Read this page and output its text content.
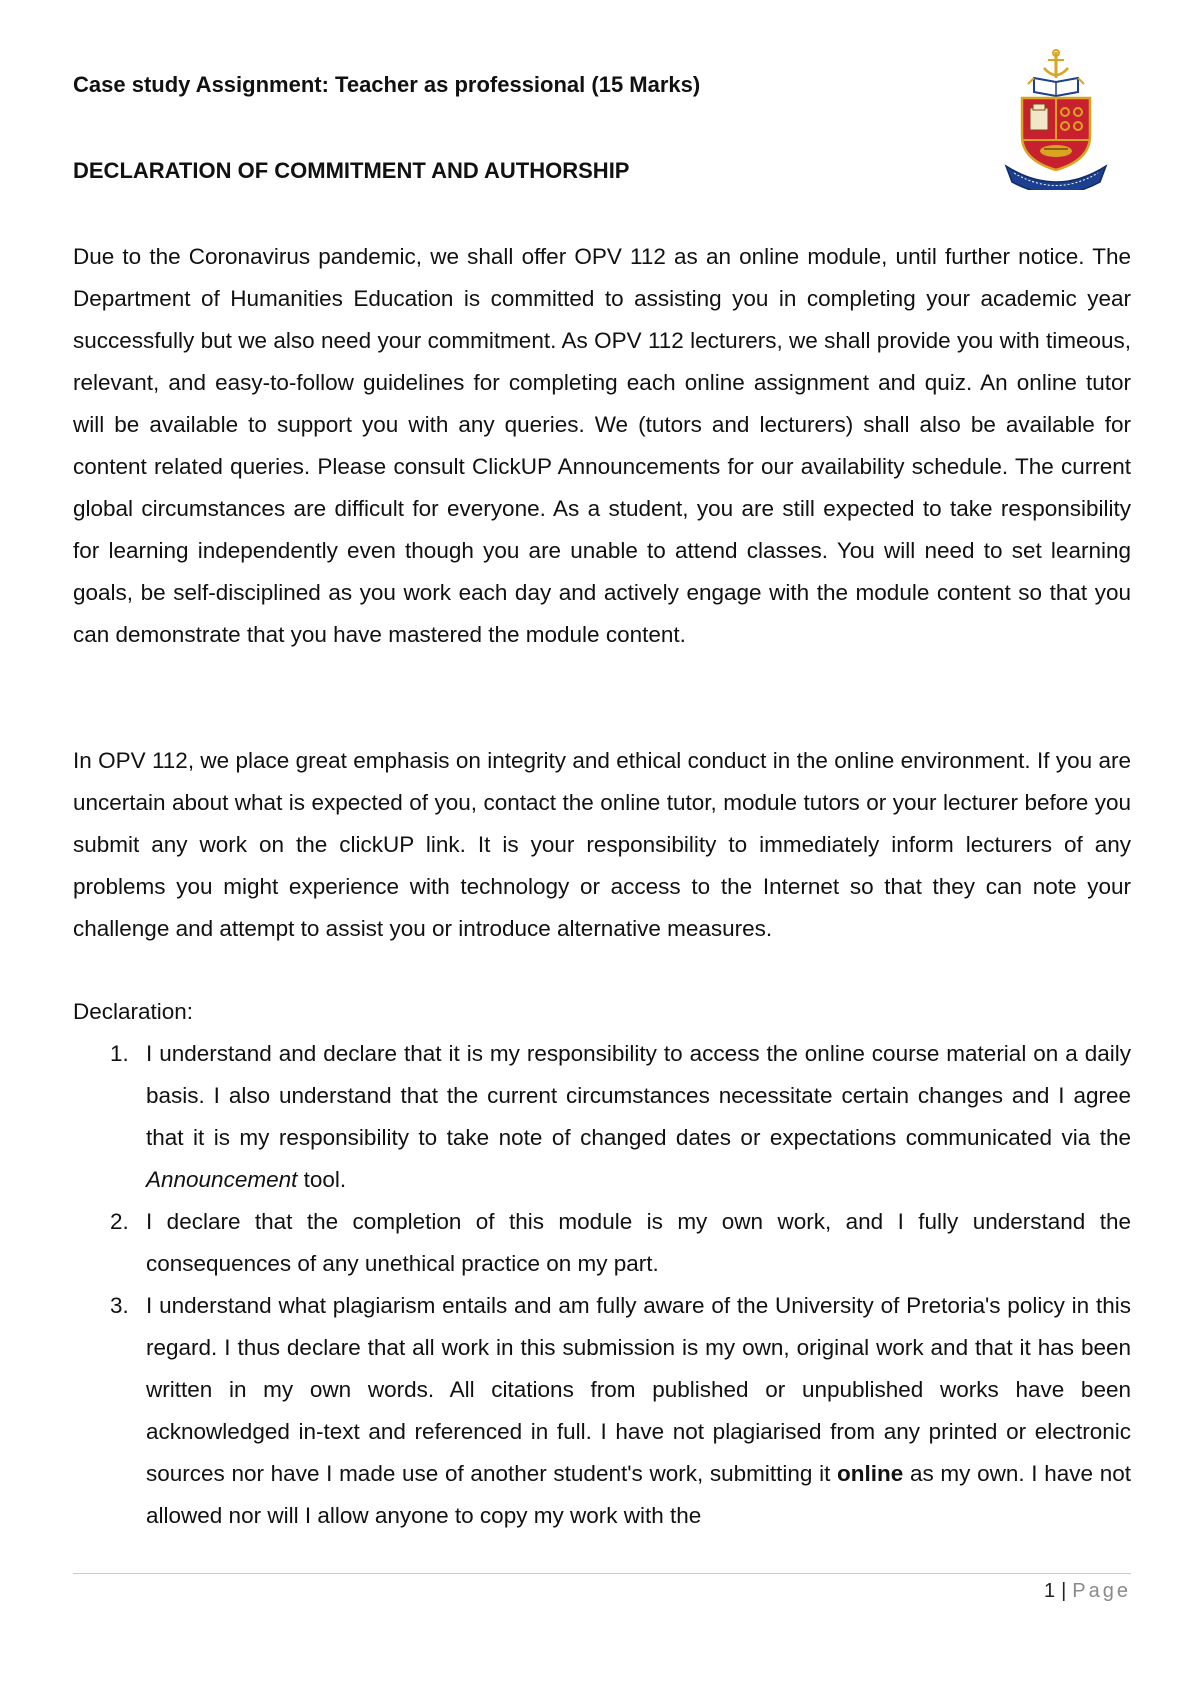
Case study Assignment: Teacher as professional (15 Marks)

DECLARATION OF COMMITMENT AND AUTHORSHIP

Due to the Coronavirus pandemic, we shall offer OPV 112 as an online module, until further notice. The Department of Humanities Education is committed to assisting you in completing your academic year successfully but we also need your commitment. As OPV 112 lecturers, we shall provide you with timeous, relevant, and easy-to-follow guidelines for completing each online assignment and quiz. An online tutor will be available to support you with any queries. We (tutors and lecturers) shall also be available for content related queries. Please consult ClickUP Announcements for our availability schedule. The current global circumstances are difficult for everyone. As a student, you are still expected to take responsibility for learning independently even though you are unable to attend classes. You will need to set learning goals, be self-disciplined as you work each day and actively engage with the module content so that you can demonstrate that you have mastered the module content.

In OPV 112, we place great emphasis on integrity and ethical conduct in the online environment. If you are uncertain about what is expected of you, contact the online tutor, module tutors or your lecturer before you submit any work on the clickUP link. It is your responsibility to immediately inform lecturers of any problems you might experience with technology or access to the Internet so that they can note your challenge and attempt to assist you or introduce alternative measures.

Declaration:

1. I understand and declare that it is my responsibility to access the online course material on a daily basis. I also understand that the current circumstances necessitate certain changes and I agree that it is my responsibility to take note of changed dates or expectations communicated via the Announcement tool.
2. I declare that the completion of this module is my own work, and I fully understand the consequences of any unethical practice on my part.
3. I understand what plagiarism entails and am fully aware of the University of Pretoria's policy in this regard. I thus declare that all work in this submission is my own, original work and that it has been written in my own words. All citations from published or unpublished works have been acknowledged in-text and referenced in full. I have not plagiarised from any printed or electronic sources nor have I made use of another student's work, submitting it online as my own. I have not allowed nor will I allow anyone to copy my work with the
1 | Page
